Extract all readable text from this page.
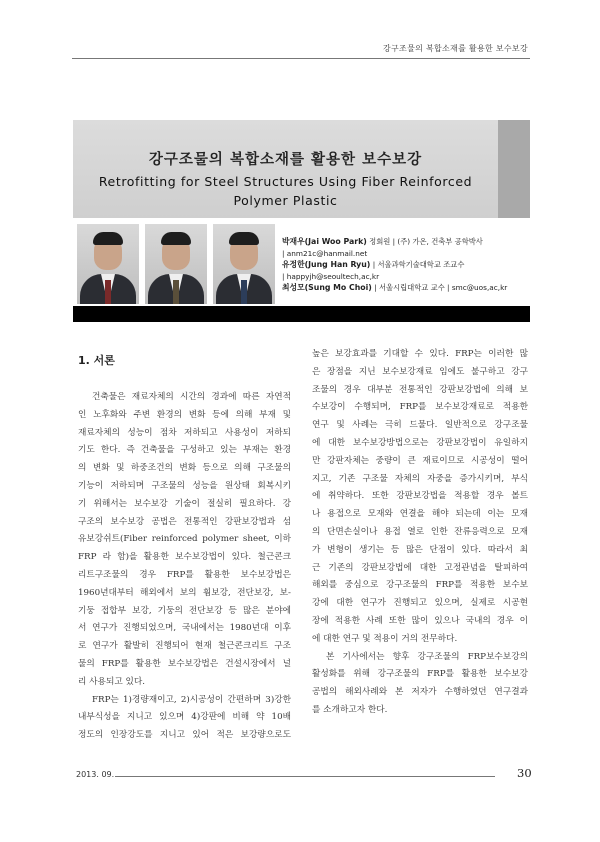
강구조물의 복합소재를 활용한 보수보강
강구조물의 복합소재를 활용한 보수보강
Retrofitting for Steel Structures Using Fiber Reinforced
Polymer Plastic
박재우(Jai Woo Park) 정회원 | (주) 가온, 건축부 공학박사
| anm21c@hanmail.net
유정한(Jung Han Ryu) | 서울과학기술대학교 조교수
| happyjh@seoultech,ac,kr
최성모(Sung Mo Choi) | 서울시립대학교 교수 | smc@uos,ac,kr
1. 서론
건축물은 재료자체의 시간의 경과에 따른 자연적
인 노후화와 주변 환경의 변화 등에 의해 부재 및
재료자체의 성능이 점차 저하되고 사용성이 저하되
기도 한다. 즉 건축물을 구성하고 있는 부재는 환경
의 변화 및 하중조건의 변화 등으로 의해 구조물의
기능이 저하되며 구조물의 성능을 원상태 회복시키
기 위해서는 보수보강 기술이 절실히 필요하다. 강
구조의 보수보강 공법은 전통적인 강판보강법과 섬
유보강쉬트(Fiber reinforced polymer sheet, 이하
FRP 라 함)을 활용한 보수보강법이 있다. 철근콘크
리트구조물의 경우 FRP를 활용한 보수보강법은
1960년대부터 해외에서 보의 휨보강, 전단보강, 보-
기둥 접합부 보강, 기둥의 전단보강 등 많은 분야에
서 연구가 진행되었으며, 국내에서는 1980년대 이후
로 연구가 활발히 진행되어 현재 철근콘크리트 구조
물의 FRP를 활용한 보수보강법은 건설시장에서 널
리 사용되고 있다.
FRP는 1)경량재이고, 2)시공성이 간편하며 3)강한
내부식성을 지니고 있으며 4)강판에 비해 약 10배
정도의 인장강도를 지니고 있어 적은 보강량으로도
높은 보강효과를 기대할 수 있다. FRP는 이러한 많
은 장점을 지닌 보수보강재료 임에도 불구하고 강구
조물의 경우 대부분 전통적인 강판보강법에 의해 보
수보강이 수행되며, FRP를 보수보강재료로 적용한
연구 및 사례는 극히 드물다. 일반적으로 강구조물
에 대한 보수보강방법으로는 강판보강법이 유일하지
만 강판자체는 중량이 큰 재료이므로 시공성이 떨어
지고, 기존 구조물 자체의 자중을 증가시키며, 부식
에 취약하다. 또한 강판보강법을 적용할 경우 볼트
나 용접으로 모재와 연결을 해야 되는데 이는 모재
의 단면손실이나 용접 열로 인한 잔류응력으로 모재
가 변형이 생기는 등 많은 단점이 있다. 따라서 최
근 기존의 강판보강법에 대한 고정관념을 탈피하여
해외를 중심으로 강구조물의 FRP를 적용한 보수보
강에 대한 연구가 진행되고 있으며, 실제로 시공현
장에 적용한 사례 또한 많이 있으나 국내의 경우 이
에 대한 연구 및 적용이 거의 전무하다.
본 기사에서는 향후 강구조물의 FRP보수보강의
활성화를 위해 강구조물의 FRP를 활용한 보수보강
공법의 해외사례와 본 저자가 수행하였던 연구결과
를 소개하고자 한다.
2013. 09.	30
